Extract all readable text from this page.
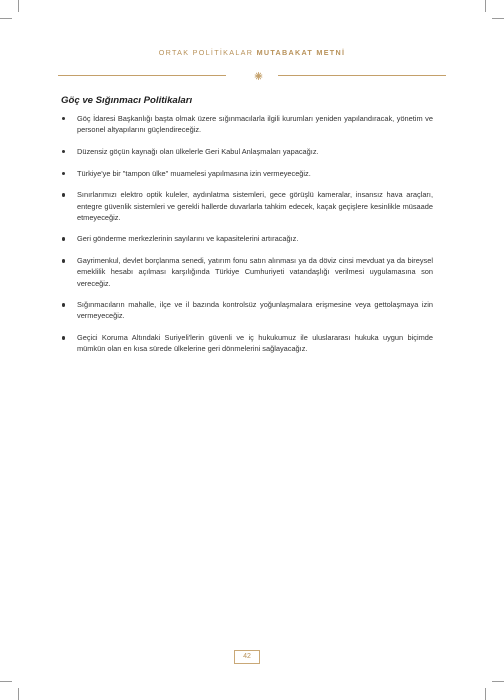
ORTAK POLİTİKALAR MUTABAKAT METNİ
Göç ve Sığınmacı Politikaları
Göç İdaresi Başkanlığı başta olmak üzere sığınmacılarla ilgili kurumları yeniden yapılandıracak, yönetim ve personel altyapılarını güçlendireceğiz.
Düzensiz göçün kaynağı olan ülkelerle Geri Kabul Anlaşmaları yapacağız.
Türkiye'ye bir "tampon ülke" muamelesi yapılmasına izin vermeyeceğiz.
Sınırlarımızı elektro optik kuleler, aydınlatma sistemleri, gece görüşlü kameralar, insansız hava araçları, entegre güvenlik sistemleri ve gerekli hallerde duvarlarla tahkim edecek, kaçak geçişlere kesinlikle müsaade etmeyeceğiz.
Geri gönderme merkezlerinin sayılarını ve kapasitelerini artıracağız.
Gayrimenkul, devlet borçlanma senedi, yatırım fonu satın alınması ya da döviz cinsi mevduat ya da bireysel emeklilik hesabı açılması karşılığında Türkiye Cumhuriyeti vatandaşlığı verilmesi uygulamasına son vereceğiz.
Sığınmacıların mahalle, ilçe ve il bazında kontrolsüz yoğunlaşmalara erişmesine veya gettolaşmaya izin vermeyeceğiz.
Geçici Koruma Altındaki Suriyeli'lerin güvenli ve iç hukukumuz ile uluslararası hukuka uygun biçimde mümkün olan en kısa sürede ülkelerine geri dönmelerini sağlayacağız.
42
